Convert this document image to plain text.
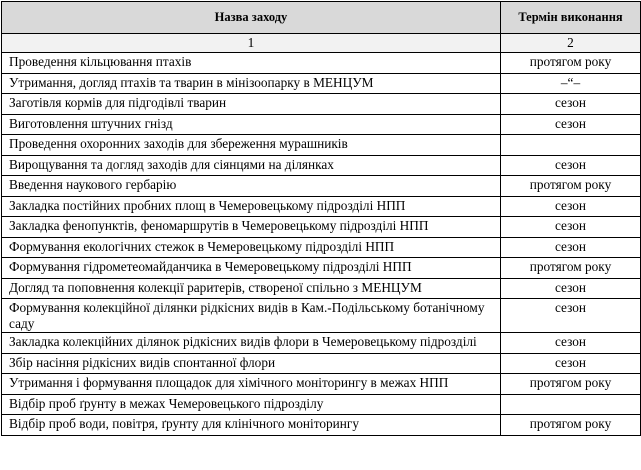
Назва заходу	Термін виконання
1	2
Проведення кільцювання птахів	протягом року
Утримання, догляд птахів та тварин в мінізоопарку в МЕНЦУМ	–“–
Заготівля кормів для підгодівлі тварин	сезон
Виготовлення штучних гнізд	сезон
Проведення охоронних заходів для збереження мурашників	
Вирощування та догляд заходів для сіянцями на ділянках	сезон
Введення наукового гербарію	протягом року
Закладка постійних пробних площ в Чемеровецькому підрозділі НПП	сезон
Закладка фенопунктів, феномаршрутів в Чемеровецькому підрозділі НПП	сезон
Формування екологічних стежок в Чемеровецькому підрозділі НПП	сезон
Формування гідрометеомайданчика в Чемеровецькому підрозділі НПП	протягом року
Догляд та поповнення колекції раритерів, створеної спільно з МЕНЦУМ	сезон
Формування колекційної ділянки рідкісних видів в Кам.-Подільському ботанічному саду	сезон
Закладка колекційних ділянок рідкісних видів флори в Чемеровецькому підрозділі	сезон
Збір насіння рідкісних видів спонтанної флори	сезон
Утримання і формування площадок для хімічного моніторингу в межах НПП	протягом року
Відбір проб ґрунту в межах Чемеровецького підрозділу	
Відбір проб води, повітря, ґрунту для клінічного моніторингу	протягом року
